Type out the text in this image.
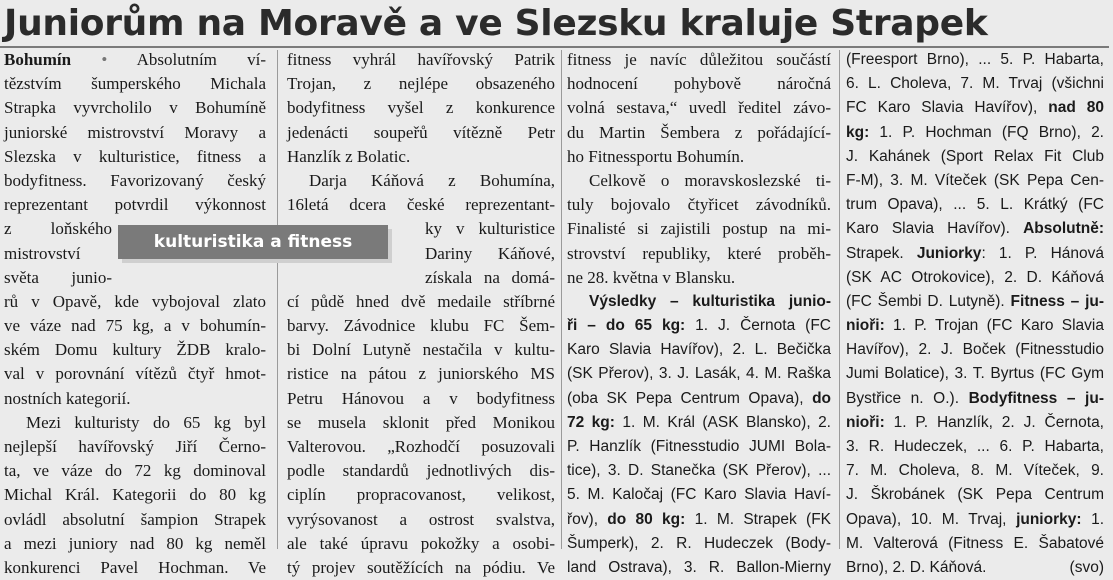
Juniorům na Moravě a ve Slezsku kraluje Strapek
Bohumín • Absolutním ví-
tězstvím šumperského Michala
Strapka vyvrcholilo v Bohumíně
juniorské mistrovství Moravy a
Slezska v kulturistice, fitness a
bodyfitness. Favorizovaný český
reprezentant potvrdil výkonnost
z loňského
mistrovství
světa junio-
rů v Opavě, kde vybojoval zlato
ve váze nad 75 kg, a v bohumín-
ském Domu kultury ŽDB kralo-
val v porovnání vítězů čtyř hmot-
nostních kategorií.
Mezi kulturisty do 65 kg byl
nejlepší havířovský Jiří Černo-
ta, ve váze do 72 kg dominoval
Michal Král. Kategorii do 80 kg
ovládl absolutní šampion Strapek
a mezi juniory nad 80 kg neměl
konkurenci Pavel Hochman. Ve
fitness vyhrál havířovský Patrik
Trojan, z nejlépe obsazeného
bodyfitness vyšel z konkurence
jedenácti soupeřů vítězně Petr
Hanzlík z Bolatic.
Darja Káňová z Bohumína,
16letá dcera české reprezentant-
ky v kulturistice
Dariny Káňové,
získala na domá-
cí půdě hned dvě medaile stříbrné
barvy. Závodnice klubu FC Šem-
bi Dolní Lutyně nestačila v kultu-
ristice na pátou z juniorského MS
Petru Hánovou a v bodyfitness
se musela sklonit před Monikou
Valterovou. „Rozhodčí posuzovali
podle standardů jednotlivých dis-
ciplín propracovanost, velikost,
vyrýsovanost a ostrost svalstva,
ale také úpravu pokožky a osobi-
tý projev soutěžících na pódiu. Ve
fitness je navíc důležitou součástí
hodnocení pohybově náročná
volná sestava,“ uvedl ředitel závo-
du Martin Šembera z pořádající-
ho Fitnessportu Bohumín.
Celkově o moravskoslezské ti-
tuly bojovalo čtyřicet závodníků.
Finalisté si zajistili postup na mi-
strovství republiky, které proběh-
ne 28. května v Blansku.
Výsledky – kulturistika junio-
ři – do 65 kg: 1. J. Černota (FC
Karo Slavia Havířov), 2. L. Bečička
(SK Přerov), 3. J. Lasák, 4. M. Raška
(oba SK Pepa Centrum Opava), do
72 kg: 1. M. Král (ASK Blansko), 2.
P. Hanzlík (Fitnesstudio JUMI Bola-
tice), 3. D. Stanečka (SK Přerov), ...
5. M. Kaločaj (FC Karo Slavia Haví-
řov), do 80 kg: 1. M. Strapek (FK
Šumperk), 2. R. Hudeczek (Body-
land Ostrava), 3. R. Ballon-Mierny
(Freesport Brno), ... 5. P. Habarta,
6. L. Choleva, 7. M. Trvaj (všichni
FC Karo Slavia Havířov), nad 80
kg: 1. P. Hochman (FQ Brno), 2.
J. Kahánek (Sport Relax Fit Club
F-M), 3. M. Víteček (SK Pepa Cen-
trum Opava), ... 5. L. Krátký (FC
Karo Slavia Havířov). Absolutně:
Strapek. Juniorky: 1. P. Hánová
(SK AC Otrokovice), 2. D. Káňová
(FC Šembi D. Lutyně). Fitness – ju-
nioři: 1. P. Trojan (FC Karo Slavia
Havířov), 2. J. Boček (Fitnesstudio
Jumi Bolatice), 3. T. Byrtus (FC Gym
Bystřice n. O.). Bodyfitness – ju-
nioři: 1. P. Hanzlík, 2. J. Černota,
3. R. Hudeczek, ... 6. P. Habarta,
7. M. Choleva, 8. M. Víteček, 9.
J. Škrobánek (SK Pepa Centrum
Opava), 10. M. Trvaj, juniorky: 1.
M. Valterová (Fitness E. Šabatové
Brno), 2. D. Káňová.	(svo)
kulturistika a fitness
